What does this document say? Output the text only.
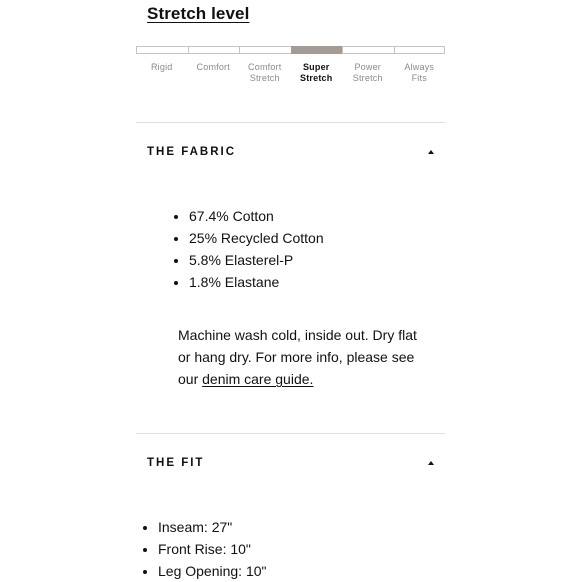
Stretch level
Rigid	Comfort	Comfort Stretch
Super Stretch
Power Stretch
Always Fits
THE FABRIC
• 67.4% Cotton
• 25% Recycled Cotton
• 5.8% Elasterel-P
• 1.8% Elastane
Machine wash cold, inside out. Dry flat or hang dry. For more info, please see our denim care guide.
THE FIT
• Inseam: 27"
• Front Rise: 10"
• Leg Opening: 10"
